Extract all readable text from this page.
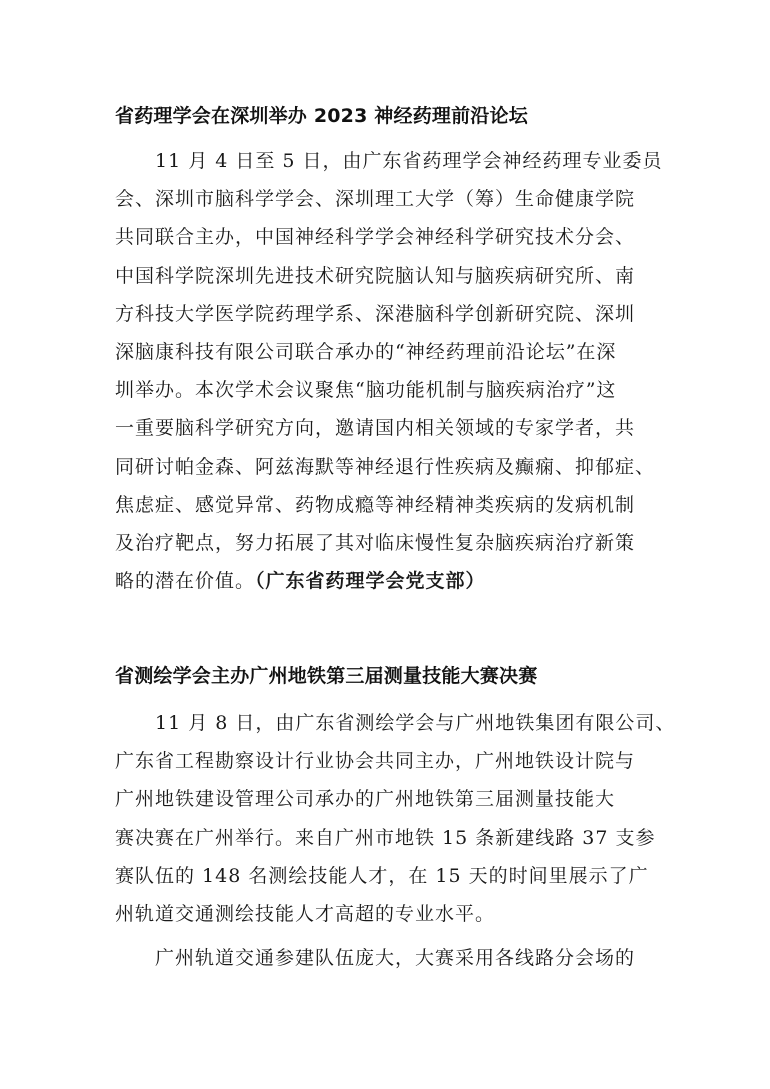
省药理学会在深圳举办 2023 神经药理前沿论坛
11 月 4 日至 5 日，由广东省药理学会神经药理专业委员
会、深圳市脑科学学会、深圳理工大学（筹）生命健康学院
共同联合主办，中国神经科学学会神经科学研究技术分会、
中国科学院深圳先进技术研究院脑认知与脑疾病研究所、南
方科技大学医学院药理学系、深港脑科学创新研究院、深圳
深脑康科技有限公司联合承办的“神经药理前沿论坛”在深
圳举办。本次学术会议聚焦“脑功能机制与脑疾病治疗”这
一重要脑科学研究方向，邀请国内相关领域的专家学者，共
同研讨帕金森、阿兹海默等神经退行性疾病及癫痫、抑郁症、
焦虑症、感觉异常、药物成瘾等神经精神类疾病的发病机制
及治疗靶点，努力拓展了其对临床慢性复杂脑疾病治疗新策
略的潜在价值。（广东省药理学会党支部）
省测绘学会主办广州地铁第三届测量技能大赛决赛
11 月 8 日，由广东省测绘学会与广州地铁集团有限公司、
广东省工程勘察设计行业协会共同主办，广州地铁设计院与
广州地铁建设管理公司承办的广州地铁第三届测量技能大
赛决赛在广州举行。来自广州市地铁 15 条新建线路 37 支参
赛队伍的 148 名测绘技能人才，在 15 天的时间里展示了广
州轨道交通测绘技能人才高超的专业水平。
广州轨道交通参建队伍庞大，大赛采用各线路分会场的
